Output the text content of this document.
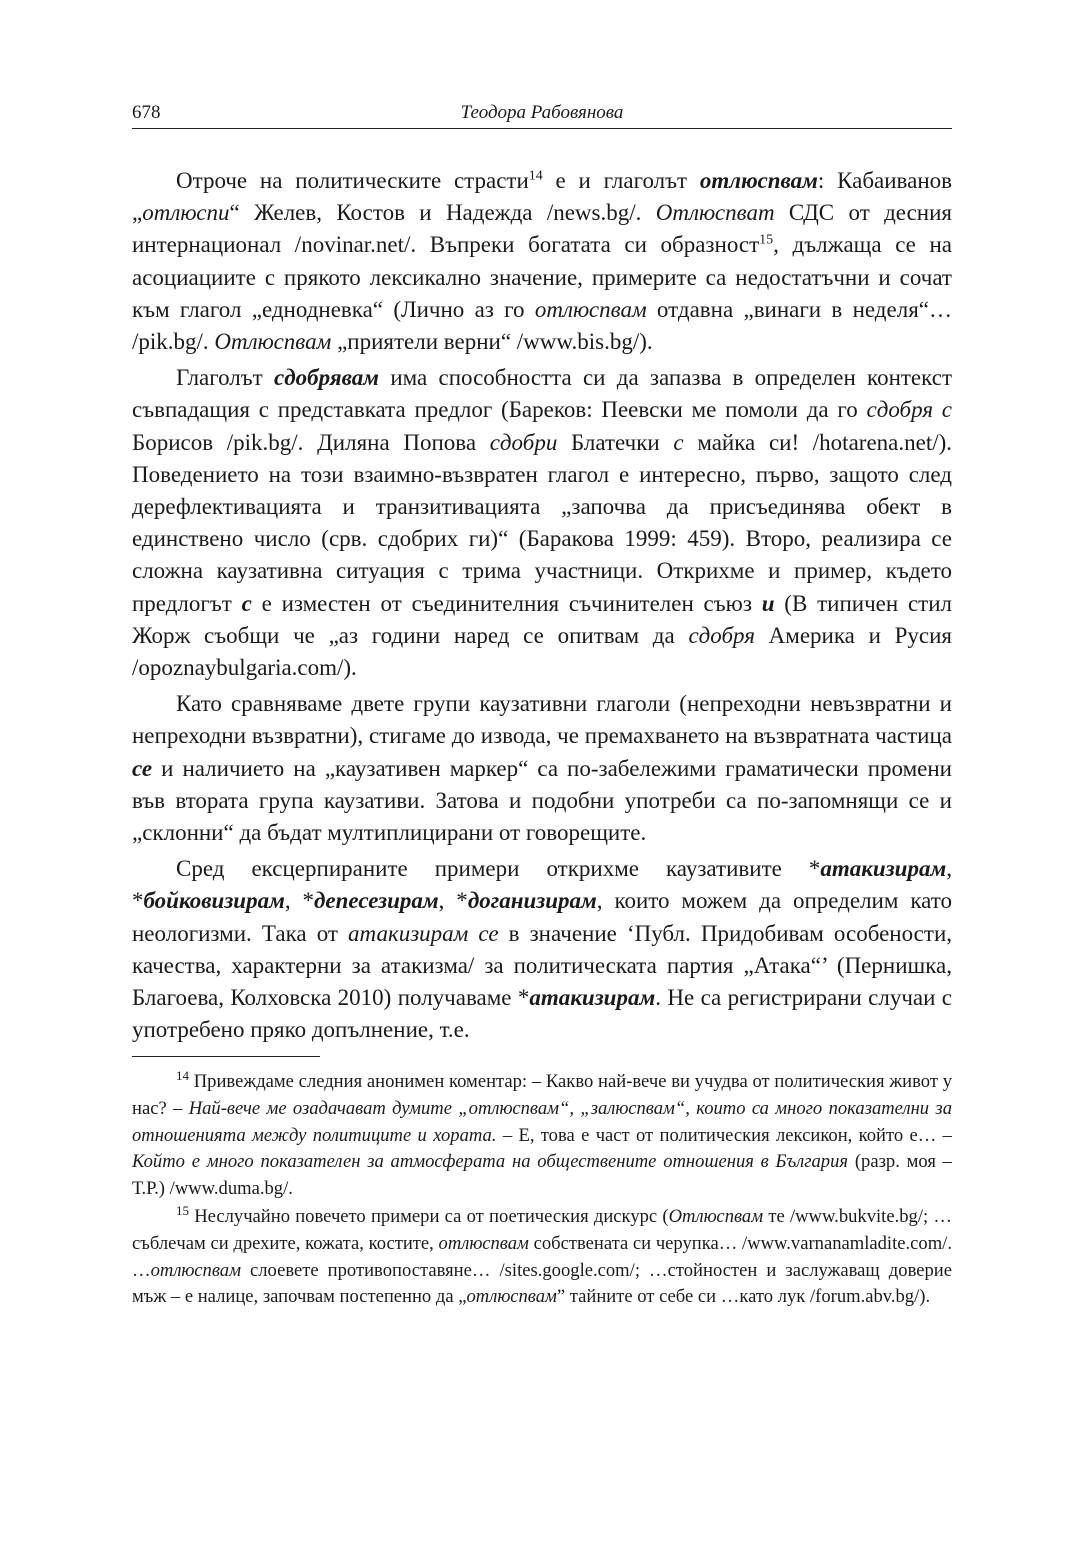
678	Теодора Рабовянова

Отроче на политическите страсти$^{14}$ е и глаголът отлюспвам: Кабаиванов „отлюспи“ Желев, Костов и Надежда /news.bg/. Отлюспват СДС от десния интернационал /novinar.net/. Въпреки богатата си образност$^{15}$, дължаща се на асоциациите с прякото лексикално значение, примерите са недостатъчни и сочат към глагол „еднодневка“ (Лично аз го отлюспвам отдавна „винаги в неделя“… /pik.bg/. Отлюспвам „приятели верни“ /www.bis.bg/).

Глаголът сдобрявам има способността си да запазва в определен контекст съвпадащия с представката предлог (Бареков: Пеевски ме помоли да го сдобря с Борисов /pik.bg/. Диляна Попова сдобри Блатечки с майка си! /hotarena.net/). Поведението на този взаимно-възвратен глагол е интересно, първо, защото след дерефлективацията и транзитивацията „започва да присъединява обект в единствено число (срв. сдобрих ги)“ (Баракова 1999: 459). Второ, реализира се сложна каузативна ситуация с трима участници. Открихме и пример, където предлогът с е изместен от съединителния съчинителен съюз и (В типичен стил Жорж съобщи че „аз години наред се опитвам да сдобря Америка и Русия /opoznaybulgaria.com/).

Като сравняваме двете групи каузативни глаголи (непреходни невъзвратни и непреходни възвратни), стигаме до извода, че премахването на възвратната частица се и наличието на „каузативен маркер“ са по-забележими граматически промени във втората група каузативи. Затова и подобни употреби са по-запомнящи се и „склонни“ да бъдат мултиплицирани от говорещите.

Сред ексцерпираните примери открихме каузативите *атакизирам, *бойковизирам, *депесезирам, *доганизирам, които можем да определим като неологизми. Така от атакизирам се в значение ‘Публ. Придобивам особености, качества, характерни за атакизма/ за политическата партия „Атака“’ (Пернишка, Благоева, Колховска 2010) получаваме *атакизирам. Не са регистрирани случаи с употребено пряко допълнение, т.е.

$^{14}$ Привеждаме следния анонимен коментар: – Какво най-вече ви учудва от политическия живот у нас? – Най-вече ме озадачават думите „отлюспвам“, „залюспвам“, които са много показателни за отношенията между политиците и хората. – Е, това е част от политическия лексикон, който е… – Който е много показателен за атмосферата на обществените отношения в България (разр. моя – Т.Р.) /www.duma.bg/.

$^{15}$ Неслучайно повечето примери са от поетическия дискурс (Отлюспвам те /www.bukvite.bg/; …съблeчам си дрехите, кожата, костите, отлюспвам собствената си черупка… /www.varnanamladite.com/. …отлюспвам слоевете противопоставяне… /sites.google.com/; …стойностен и заслужаващ доверие мъж – е налице, започвам постепенно да „отлюспвам” тайните от себе си …като лук /forum.abv.bg/).
